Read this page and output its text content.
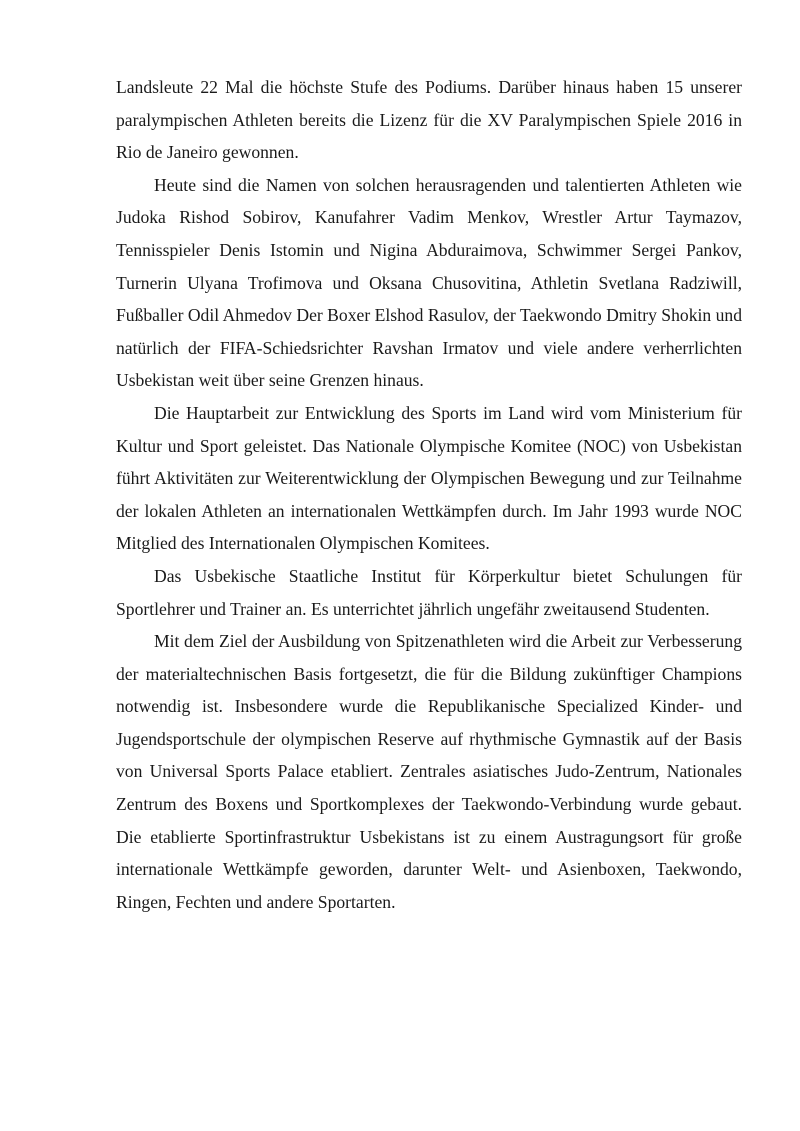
Landsleute 22 Mal die höchste Stufe des Podiums. Darüber hinaus haben 15 unserer paralympischen Athleten bereits die Lizenz für die XV Paralympischen Spiele 2016 in Rio de Janeiro gewonnen.

Heute sind die Namen von solchen herausragenden und talentierten Athleten wie Judoka Rishod Sobirov, Kanufahrer Vadim Menkov, Wrestler Artur Taymazov, Tennisspieler Denis Istomin und Nigina Abduraimova, Schwimmer Sergei Pankov, Turnerin Ulyana Trofimova und Oksana Chusovitina, Athletin Svetlana Radziwill, Fußballer Odil Ahmedov Der Boxer Elshod Rasulov, der Taekwondo Dmitry Shokin und natürlich der FIFA-Schiedsrichter Ravshan Irmatov und viele andere verherrlichten Usbekistan weit über seine Grenzen hinaus.

Die Hauptarbeit zur Entwicklung des Sports im Land wird vom Ministerium für Kultur und Sport geleistet. Das Nationale Olympische Komitee (NOC) von Usbekistan führt Aktivitäten zur Weiterentwicklung der Olympischen Bewegung und zur Teilnahme der lokalen Athleten an internationalen Wettkämpfen durch. Im Jahr 1993 wurde NOC Mitglied des Internationalen Olympischen Komitees.

Das Usbekische Staatliche Institut für Körperkultur bietet Schulungen für Sportlehrer und Trainer an. Es unterrichtet jährlich ungefähr zweitausend Studenten.

Mit dem Ziel der Ausbildung von Spitzenathleten wird die Arbeit zur Verbesserung der materialtechnischen Basis fortgesetzt, die für die Bildung zukünftiger Champions notwendig ist. Insbesondere wurde die Republikanische Specialized Kinder- und Jugendsportschule der olympischen Reserve auf rhythmische Gymnastik auf der Basis von Universal Sports Palace etabliert. Zentrales asiatisches Judo-Zentrum, Nationales Zentrum des Boxens und Sportkomplexes der Taekwondo-Verbindung wurde gebaut. Die etablierte Sportinfrastruktur Usbekistans ist zu einem Austragungsort für große internationale Wettkämpfe geworden, darunter Welt- und Asienboxen, Taekwondo, Ringen, Fechten und andere Sportarten.
